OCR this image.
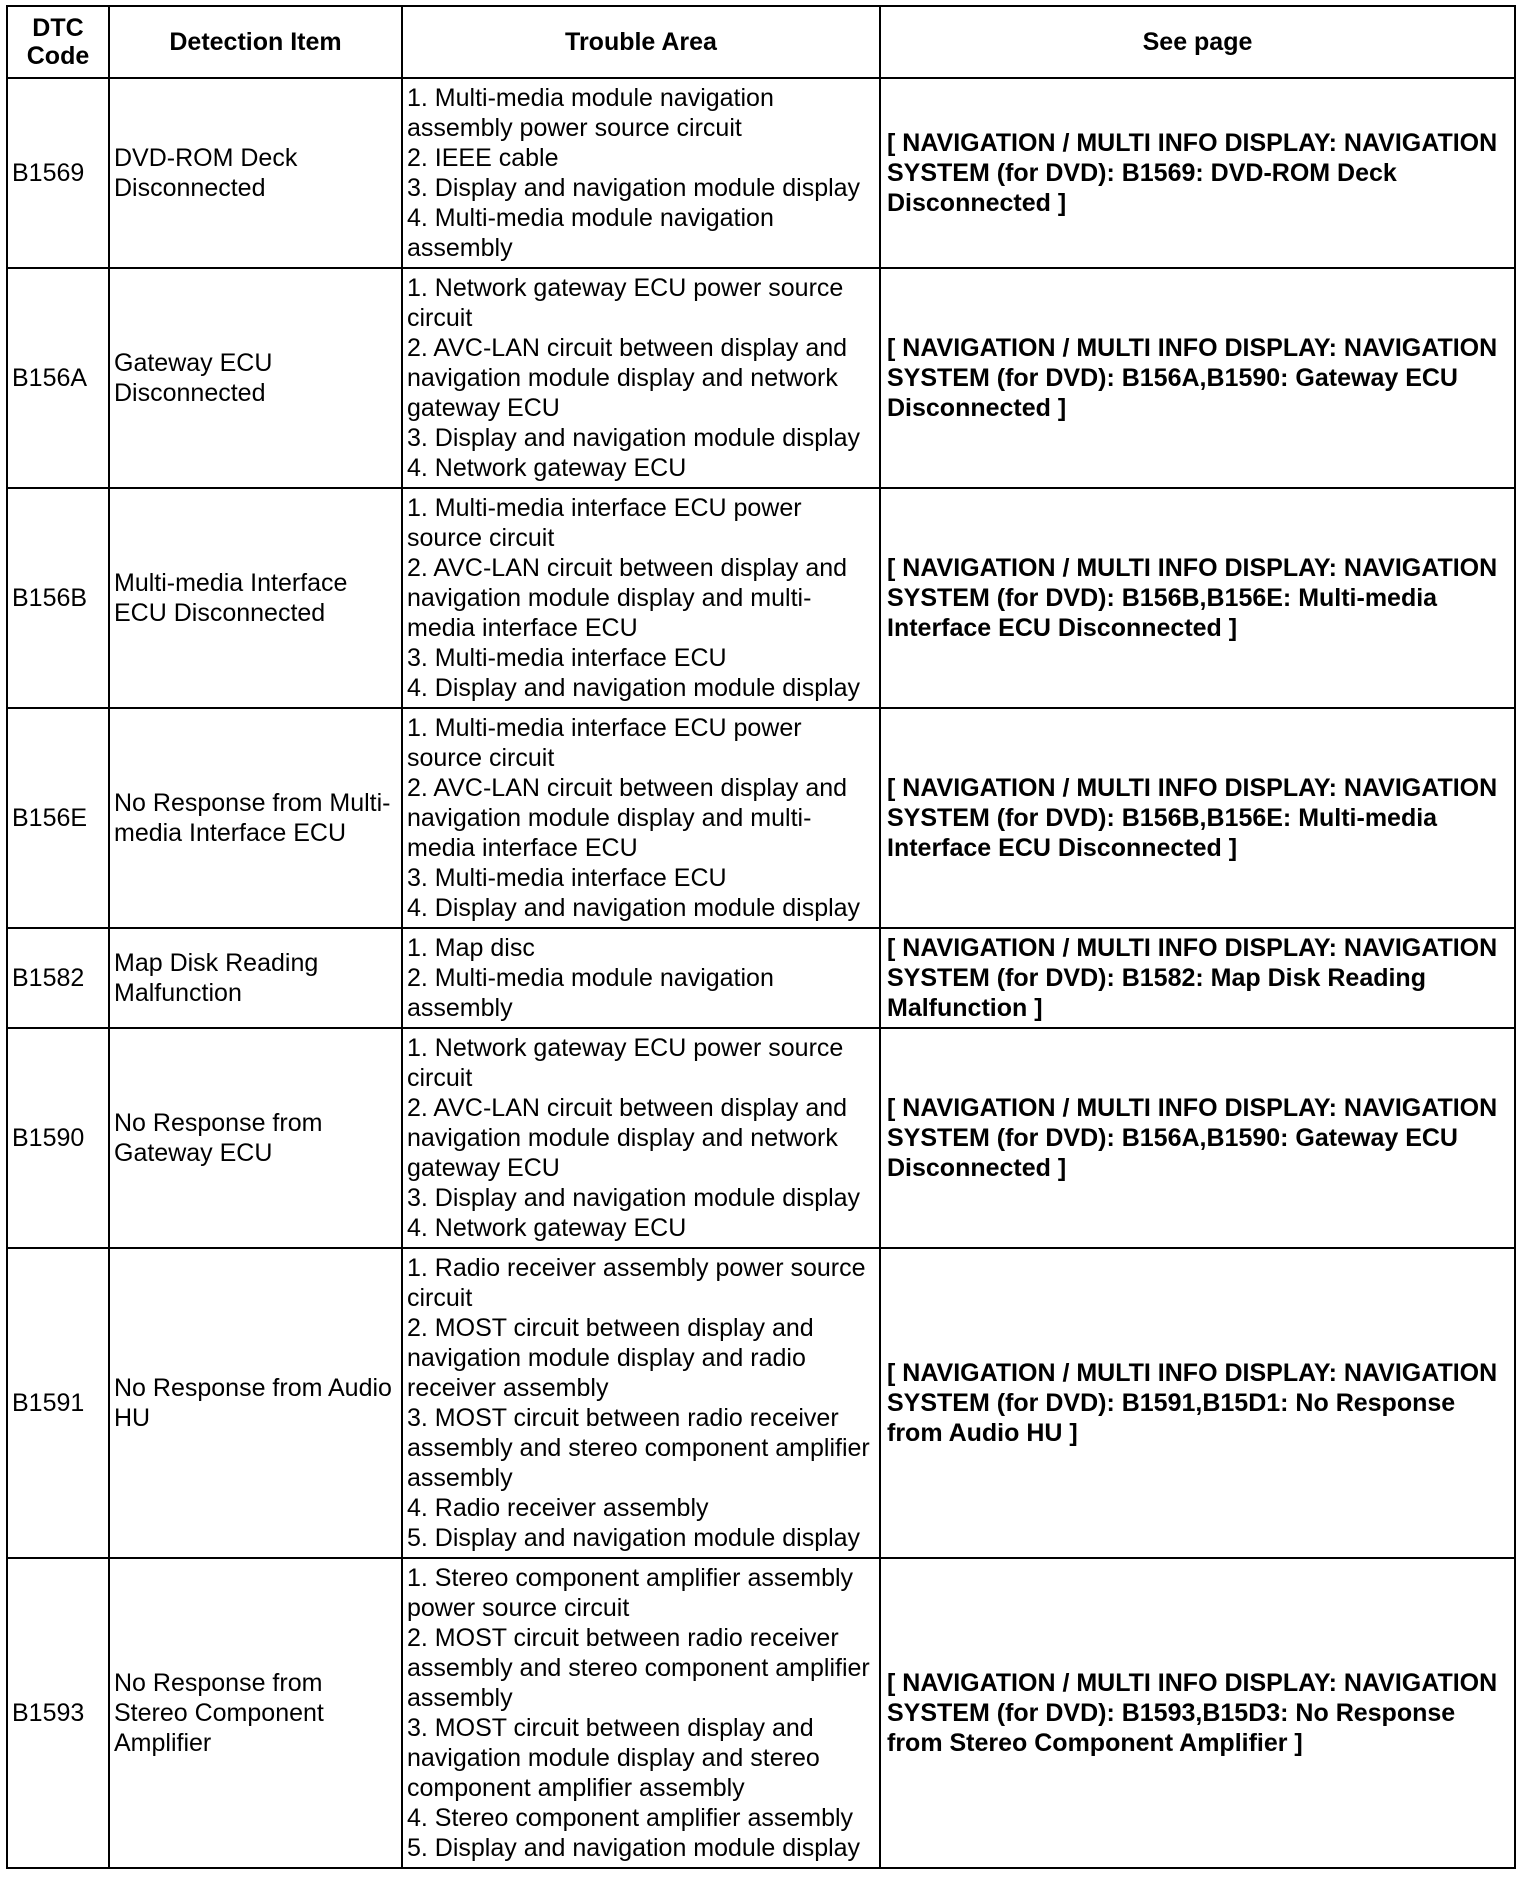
DTC
Code	Detection Item	Trouble Area	See page
B1569	DVD-ROM Deck Disconnected	1. Multi-media module navigation assembly power source circuit
2. IEEE cable
3. Display and navigation module display
4. Multi-media module navigation assembly	[ NAVIGATION / MULTI INFO DISPLAY: NAVIGATION SYSTEM (for DVD): B1569: DVD-ROM Deck Disconnected ]
B156A	Gateway ECU Disconnected	1. Network gateway ECU power source circuit
2. AVC-LAN circuit between display and navigation module display and network gateway ECU
3. Display and navigation module display
4. Network gateway ECU	[ NAVIGATION / MULTI INFO DISPLAY: NAVIGATION SYSTEM (for DVD): B156A,B1590: Gateway ECU Disconnected ]
B156B	Multi-media Interface ECU Disconnected	1. Multi-media interface ECU power source circuit
2. AVC-LAN circuit between display and navigation module display and multi-media interface ECU
3. Multi-media interface ECU
4. Display and navigation module display	[ NAVIGATION / MULTI INFO DISPLAY: NAVIGATION SYSTEM (for DVD): B156B,B156E: Multi-media Interface ECU Disconnected ]
B156E	No Response from Multi-media Interface ECU	1. Multi-media interface ECU power source circuit
2. AVC-LAN circuit between display and navigation module display and multi-media interface ECU
3. Multi-media interface ECU
4. Display and navigation module display	[ NAVIGATION / MULTI INFO DISPLAY: NAVIGATION SYSTEM (for DVD): B156B,B156E: Multi-media Interface ECU Disconnected ]
B1582	Map Disk Reading Malfunction	1. Map disc
2. Multi-media module navigation assembly	[ NAVIGATION / MULTI INFO DISPLAY: NAVIGATION SYSTEM (for DVD): B1582: Map Disk Reading Malfunction ]
B1590	No Response from Gateway ECU	1. Network gateway ECU power source circuit
2. AVC-LAN circuit between display and navigation module display and network gateway ECU
3. Display and navigation module display
4. Network gateway ECU	[ NAVIGATION / MULTI INFO DISPLAY: NAVIGATION SYSTEM (for DVD): B156A,B1590: Gateway ECU Disconnected ]
B1591	No Response from Audio HU	1. Radio receiver assembly power source circuit
2. MOST circuit between display and navigation module display and radio receiver assembly
3. MOST circuit between radio receiver assembly and stereo component amplifier assembly
4. Radio receiver assembly
5. Display and navigation module display	[ NAVIGATION / MULTI INFO DISPLAY: NAVIGATION SYSTEM (for DVD): B1591,B15D1: No Response from Audio HU ]
B1593	No Response from Stereo Component Amplifier	1. Stereo component amplifier assembly power source circuit
2. MOST circuit between radio receiver assembly and stereo component amplifier assembly
3. MOST circuit between display and navigation module display and stereo component amplifier assembly
4. Stereo component amplifier assembly
5. Display and navigation module display	[ NAVIGATION / MULTI INFO DISPLAY: NAVIGATION SYSTEM (for DVD): B1593,B15D3: No Response from Stereo Component Amplifier ]
